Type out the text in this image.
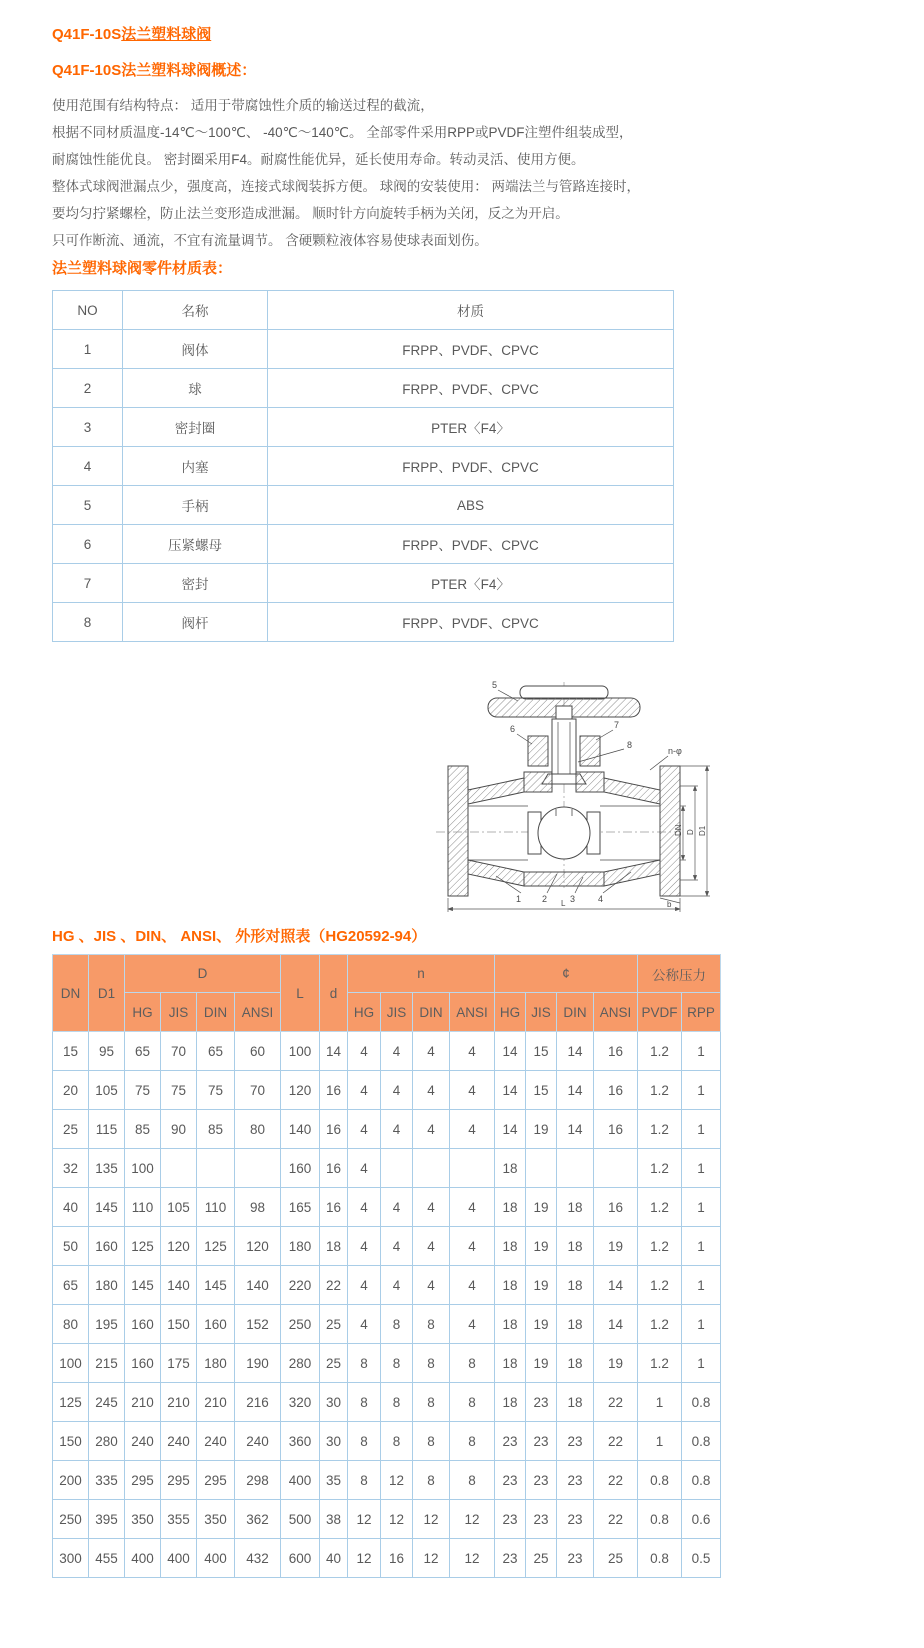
Q41F-10S法兰塑料球阀
Q41F-10S法兰塑料球阀概述：

使用范围有结构特点： 适用于带腐蚀性介质的输送过程的截流，

根据不同材质温度-14℃～100℃、 -40℃～140℃。 全部零件采用RPP或PVDF注塑件组装成型，

耐腐蚀性能优良。 密封圈采用F4。耐腐性能优异，延长使用寿命。转动灵活、使用方便。

整体式球阀泄漏点少，强度高，连接式球阀装拆方便。 球阀的安装使用： 两端法兰与管路连接时，

要均匀拧紧螺栓，防止法兰变形造成泄漏。 顺时针方向旋转手柄为关闭，反之为开启。

只可作断流、通流，不宜有流量调节。 含硬颗粒液体容易使球表面划伤。

法兰塑料球阀零件材质表：
NO	名称	材质
1	阀体	FRPP、PVDF、CPVC
2	球	FRPP、PVDF、CPVC
3	密封圈	PTER〈F4〉
4	内塞	FRPP、PVDF、CPVC
5	手柄	ABS
6	压紧螺母	FRPP、PVDF、CPVC
7	密封	PTER〈F4〉
8	阀杆	FRPP、PVDF、CPVC
5
6	7
8
1 2	3	4
n-φ
DN D D1
L	b
HG 、JIS 、DIN、 ANSI、 外形对照表（HG20592-94）
DN	D1	D				L	d	n				¢				公称压力	
		HG	JIS	DIN	ANSI			HG	JIS	DIN	ANSI	HG	JIS	DIN	ANSI	PVDF	RPP
15	95	65	70	65	60	100	14	4	4	4	4	14	15	14	16	1.2	1
20	105	75	75	75	70	120	16	4	4	4	4	14	15	14	16	1.2	1
25	115	85	90	85	80	140	16	4	4	4	4	14	19	14	16	1.2	1
32	135	100				160	16	4				18				1.2	1
40	145	110	105	110	98	165	16	4	4	4	4	18	19	18	16	1.2	1
50	160	125	120	125	120	180	18	4	4	4	4	18	19	18	19	1.2	1
65	180	145	140	145	140	220	22	4	4	4	4	18	19	18	14	1.2	1
80	195	160	150	160	152	250	25	4	8	8	4	18	19	18	14	1.2	1
100	215	160	175	180	190	280	25	8	8	8	8	18	19	18	19	1.2	1
125	245	210	210	210	216	320	30	8	8	8	8	18	23	18	22	1	0.8
150	280	240	240	240	240	360	30	8	8	8	8	23	23	23	22	1	0.8
200	335	295	295	295	298	400	35	8	12	8	8	23	23	23	22	0.8	0.8
250	395	350	355	350	362	500	38	12	12	12	12	23	23	23	22	0.8	0.6
300	455	400	400	400	432	600	40	12	16	12	12	23	25	23	25	0.8	0.5
